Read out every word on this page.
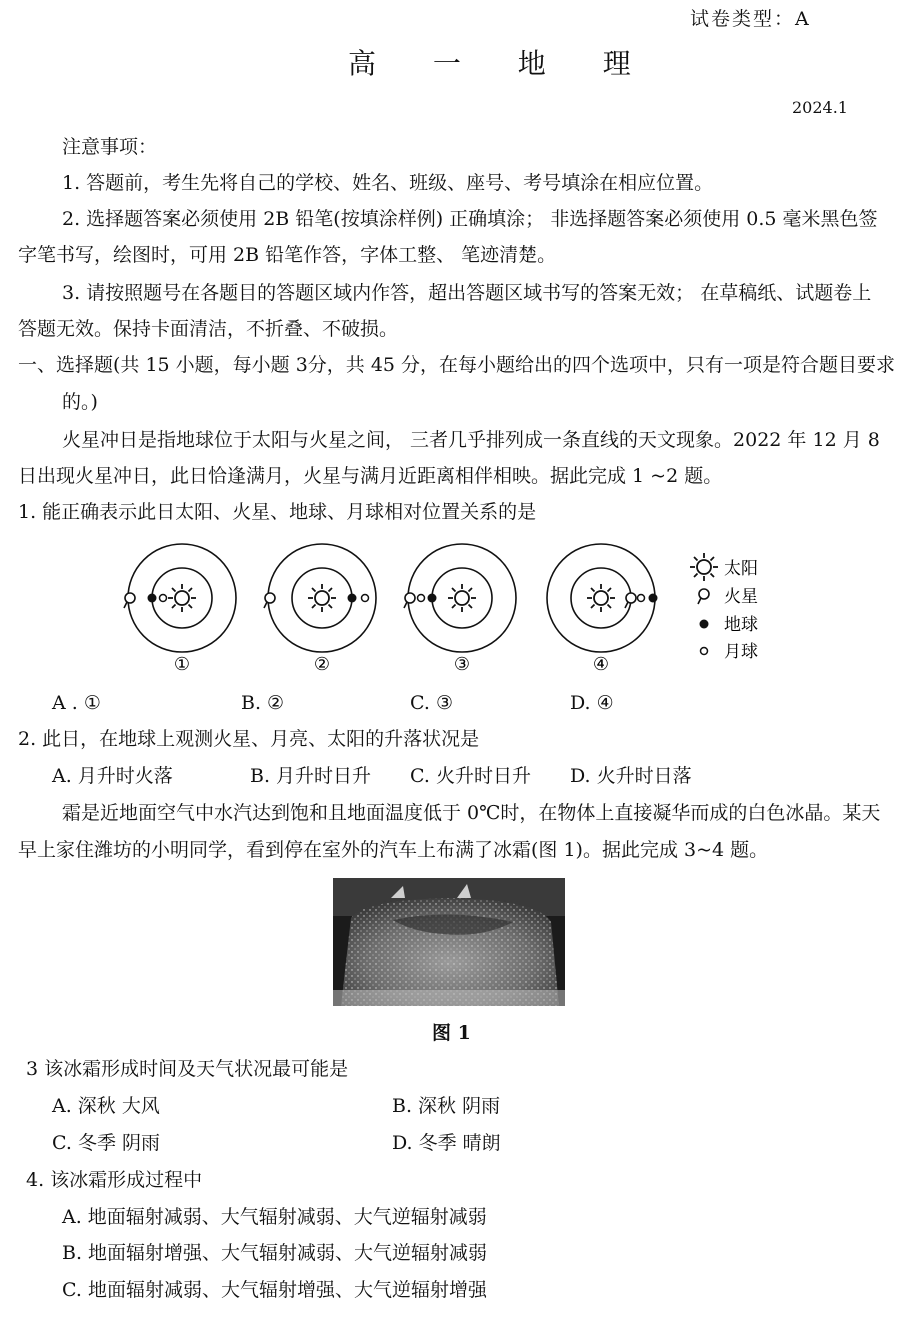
试卷类型：A
高 一 地 理
2024.1
注意事项：
1. 答题前，考生先将自己的学校、姓名、班级、座号、考号填涂在相应位置。
2. 选择题答案必须使用 2B 铅笔(按填涂样例) 正确填涂； 非选择题答案必须使用 0.5 毫米黑色签
字笔书写，绘图时，可用 2B 铅笔作答，字体工整、 笔迹清楚。
3. 请按照题号在各题目的答题区域内作答，超出答题区域书写的答案无效； 在草稿纸、试题卷上
答题无效。保持卡面清洁，不折叠、不破损。
一、选择题(共 15 小题，每小题 3分，共 45 分，在每小题给出的四个选项中，只有一项是符合题目要求
的。)
火星冲日是指地球位于太阳与火星之间， 三者几乎排列成一条直线的天文现象。2022 年 12 月 8
日出现火星冲日，此日恰逢满月，火星与满月近距离相伴相映。据此完成 1 ~2 题。
1. 能正确表示此日太阳、火星、地球、月球相对位置关系的是
①	②	③	④
太阳
火星
地球
月球
A . ①	B. ②	C. ③	D. ④
2. 此日，在地球上观测火星、月亮、太阳的升落状况是
A. 月升时火落	B. 月升时日升 C. 火升时日升 D. 火升时日落
霜是近地面空气中水汽达到饱和且地面温度低于 0℃时，在物体上直接凝华而成的白色冰晶。某天
早上家住潍坊的小明同学，看到停在室外的汽车上布满了冰霜(图 1)。据此完成 3~4 题。
图 1
3 该冰霜形成时间及天气状况最可能是
A. 深秋 大风	B. 深秋 阴雨
C. 冬季 阴雨	D. 冬季 晴朗
4. 该冰霜形成过程中
A. 地面辐射减弱、大气辐射减弱、大气逆辐射减弱
B. 地面辐射增强、大气辐射减弱、大气逆辐射减弱
C. 地面辐射减弱、大气辐射增强、大气逆辐射增强
